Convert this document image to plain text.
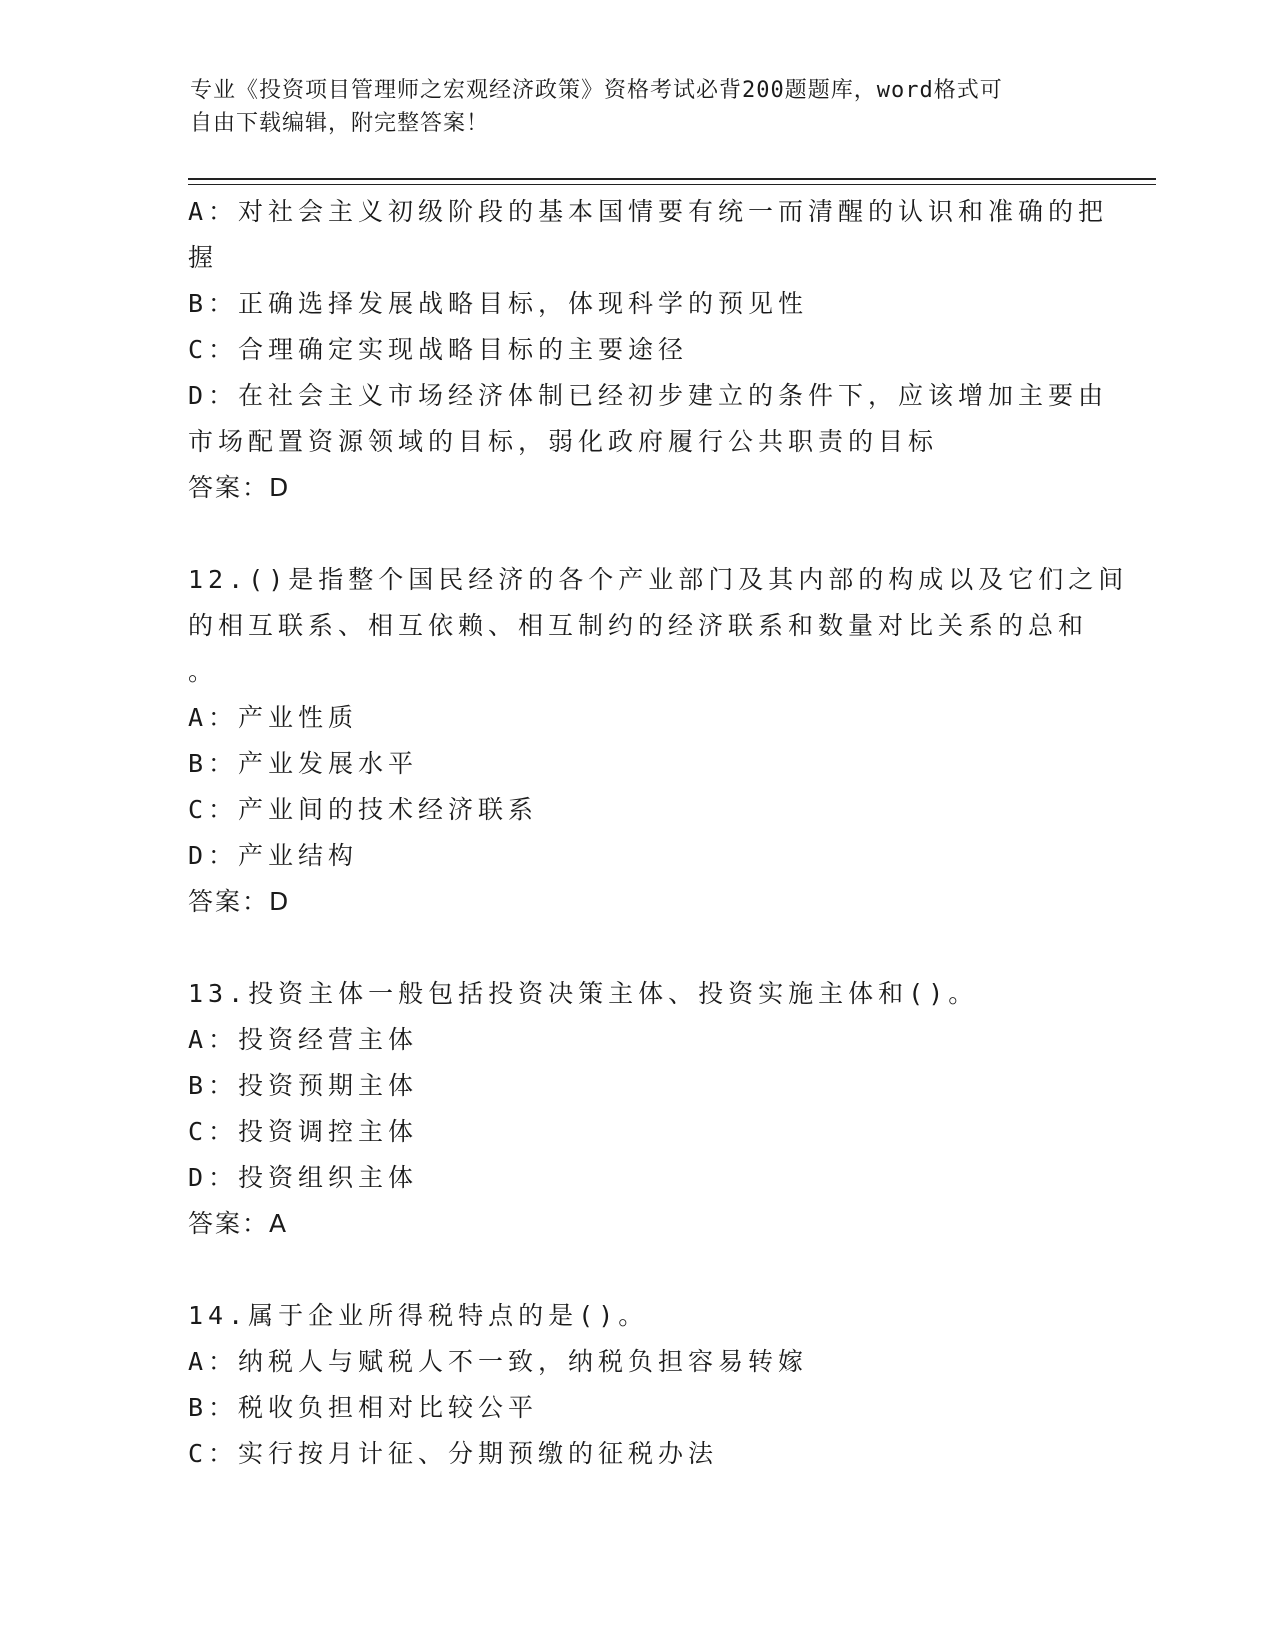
专业《投资项目管理师之宏观经济政策》资格考试必背200题题库，word格式可
自由下载编辑，附完整答案！
A：对社会主义初级阶段的基本国情要有统一而清醒的认识和准确的把
握
B：正确选择发展战略目标，体现科学的预见性
C：合理确定实现战略目标的主要途径
D：在社会主义市场经济体制已经初步建立的条件下，应该增加主要由
市场配置资源领域的目标，弱化政府履行公共职责的目标
答案：D
12.()是指整个国民经济的各个产业部门及其内部的构成以及它们之间
的相互联系、相互依赖、相互制约的经济联系和数量对比关系的总和
。
A：产业性质
B：产业发展水平
C：产业间的技术经济联系
D：产业结构
答案：D
13.投资主体一般包括投资决策主体、投资实施主体和()。
A：投资经营主体
B：投资预期主体
C：投资调控主体
D：投资组织主体
答案：A
14.属于企业所得税特点的是()。
A：纳税人与赋税人不一致，纳税负担容易转嫁
B：税收负担相对比较公平
C：实行按月计征、分期预缴的征税办法
